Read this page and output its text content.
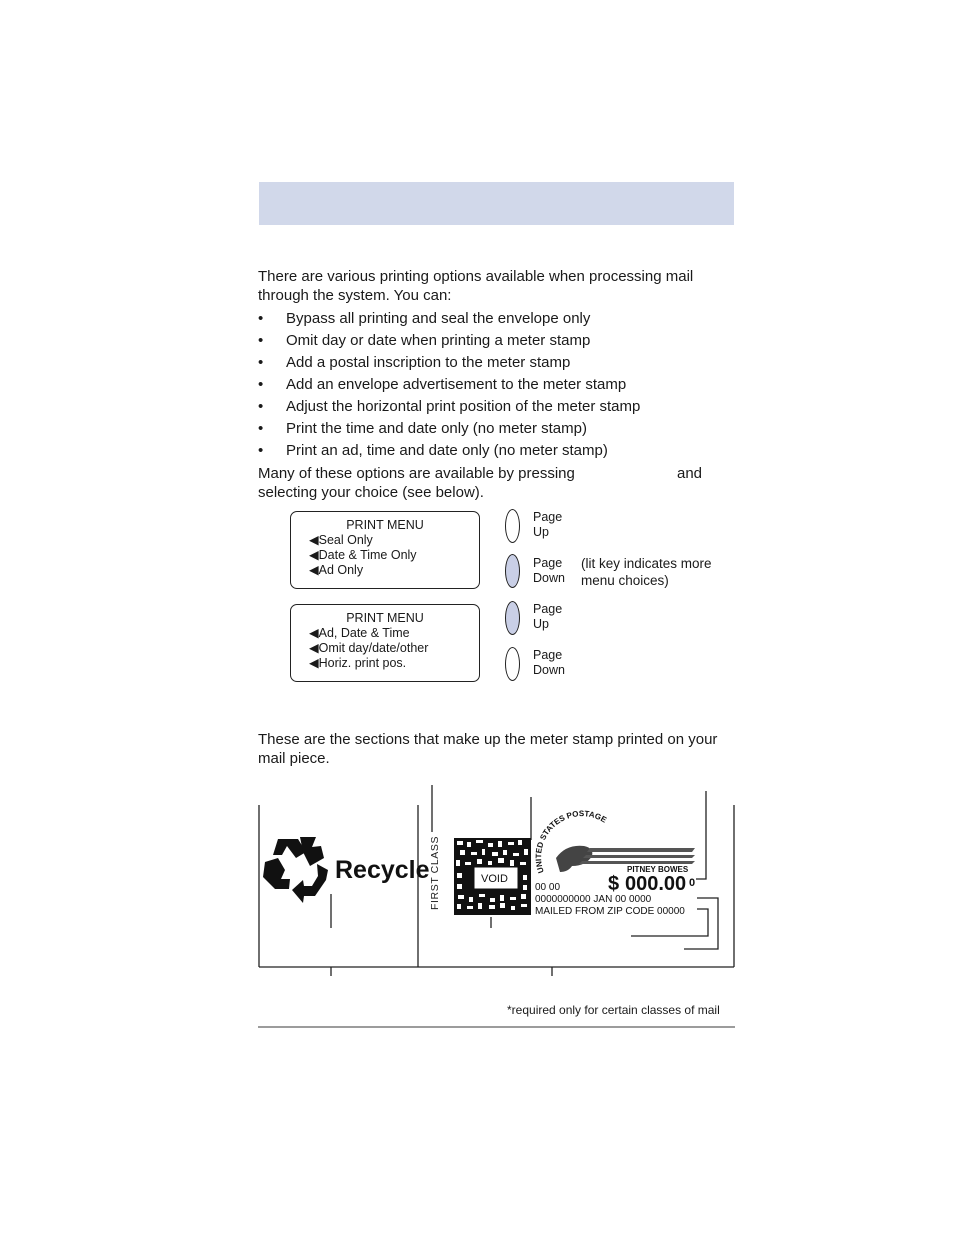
There are various printing options available when processing mail through the system. You can:
• Bypass all printing and seal the envelope only
• Omit day or date when printing a meter stamp
• Add a postal inscription to the meter stamp
• Add an envelope advertisement to the meter stamp
• Adjust the horizontal print position of the meter stamp
• Print the time and date only (no meter stamp)
• Print an ad, time and date only (no meter stamp)
Many of these options are available by pressing	and
selecting your choice (see below).
PRINT MENU
◀Seal Only
◀Date & Time Only
◀Ad Only
Page
Up
Page
Down
(lit key indicates more
menu choices)
PRINT MENU
◀Ad, Date & Time
◀Omit day/date/other
◀Horiz. print pos.
Page
Up
Page
Down
These are the sections that make up the meter stamp printed on your mail piece.
Recycle FIRST CLASS	VOID
UNITED STATES POSTAGE
PITNEY BOWES
$ 000.00 0
00 00
0000000000 JAN 00 0000
MAILED FROM ZIP CODE 00000
*required only for certain classes of mail
